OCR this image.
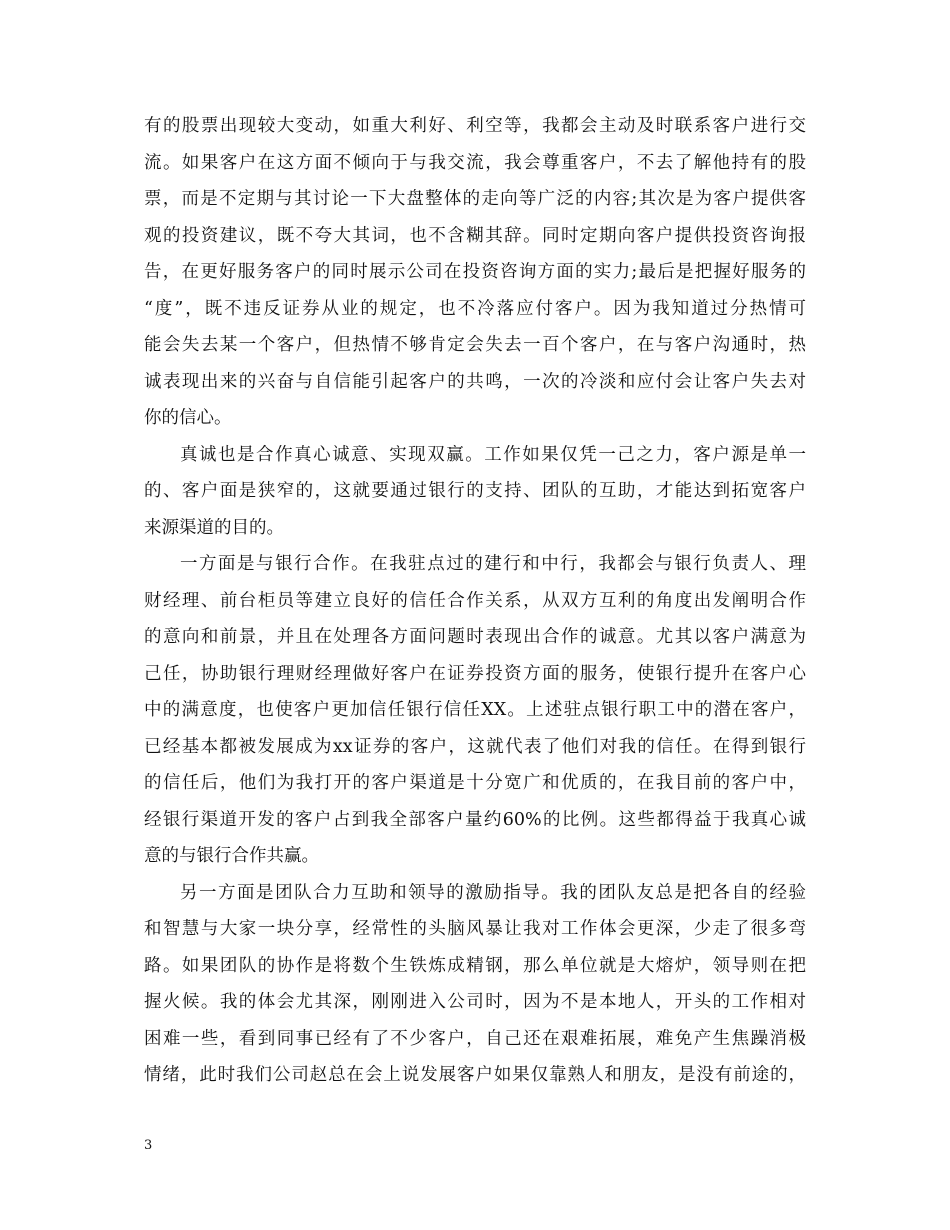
有的股票出现较大变动，如重大利好、利空等，我都会主动及时联系客户进行交
流。如果客户在这方面不倾向于与我交流，我会尊重客户，不去了解他持有的股
票，而是不定期与其讨论一下大盘整体的走向等广泛的内容;其次是为客户提供客
观的投资建议，既不夸大其词，也不含糊其辞。同时定期向客户提供投资咨询报
告，在更好服务客户的同时展示公司在投资咨询方面的实力;最后是把握好服务的
“度”，既不违反证券从业的规定，也不冷落应付客户。因为我知道过分热情可
能会失去某一个客户，但热情不够肯定会失去一百个客户，在与客户沟通时，热
诚表现出来的兴奋与自信能引起客户的共鸣，一次的冷淡和应付会让客户失去对
你的信心。
真诚也是合作真心诚意、实现双赢。工作如果仅凭一己之力，客户源是单一
的、客户面是狭窄的，这就要通过银行的支持、团队的互助，才能达到拓宽客户
来源渠道的目的。
一方面是与银行合作。在我驻点过的建行和中行，我都会与银行负责人、理
财经理、前台柜员等建立良好的信任合作关系，从双方互利的角度出发阐明合作
的意向和前景，并且在处理各方面问题时表现出合作的诚意。尤其以客户满意为
己任，协助银行理财经理做好客户在证券投资方面的服务，使银行提升在客户心
中的满意度，也使客户更加信任银行信任XX。上述驻点银行职工中的潜在客户，
已经基本都被发展成为xx证券的客户，这就代表了他们对我的信任。在得到银行
的信任后，他们为我打开的客户渠道是十分宽广和优质的，在我目前的客户中，
经银行渠道开发的客户占到我全部客户量约60%的比例。这些都得益于我真心诚
意的与银行合作共赢。
另一方面是团队合力互助和领导的激励指导。我的团队友总是把各自的经验
和智慧与大家一块分享，经常性的头脑风暴让我对工作体会更深，少走了很多弯
路。如果团队的协作是将数个生铁炼成精钢，那么单位就是大熔炉，领导则在把
握火候。我的体会尤其深，刚刚进入公司时，因为不是本地人，开头的工作相对
困难一些，看到同事已经有了不少客户，自己还在艰难拓展，难免产生焦躁消极
情绪，此时我们公司赵总在会上说发展客户如果仅靠熟人和朋友，是没有前途的，
3
